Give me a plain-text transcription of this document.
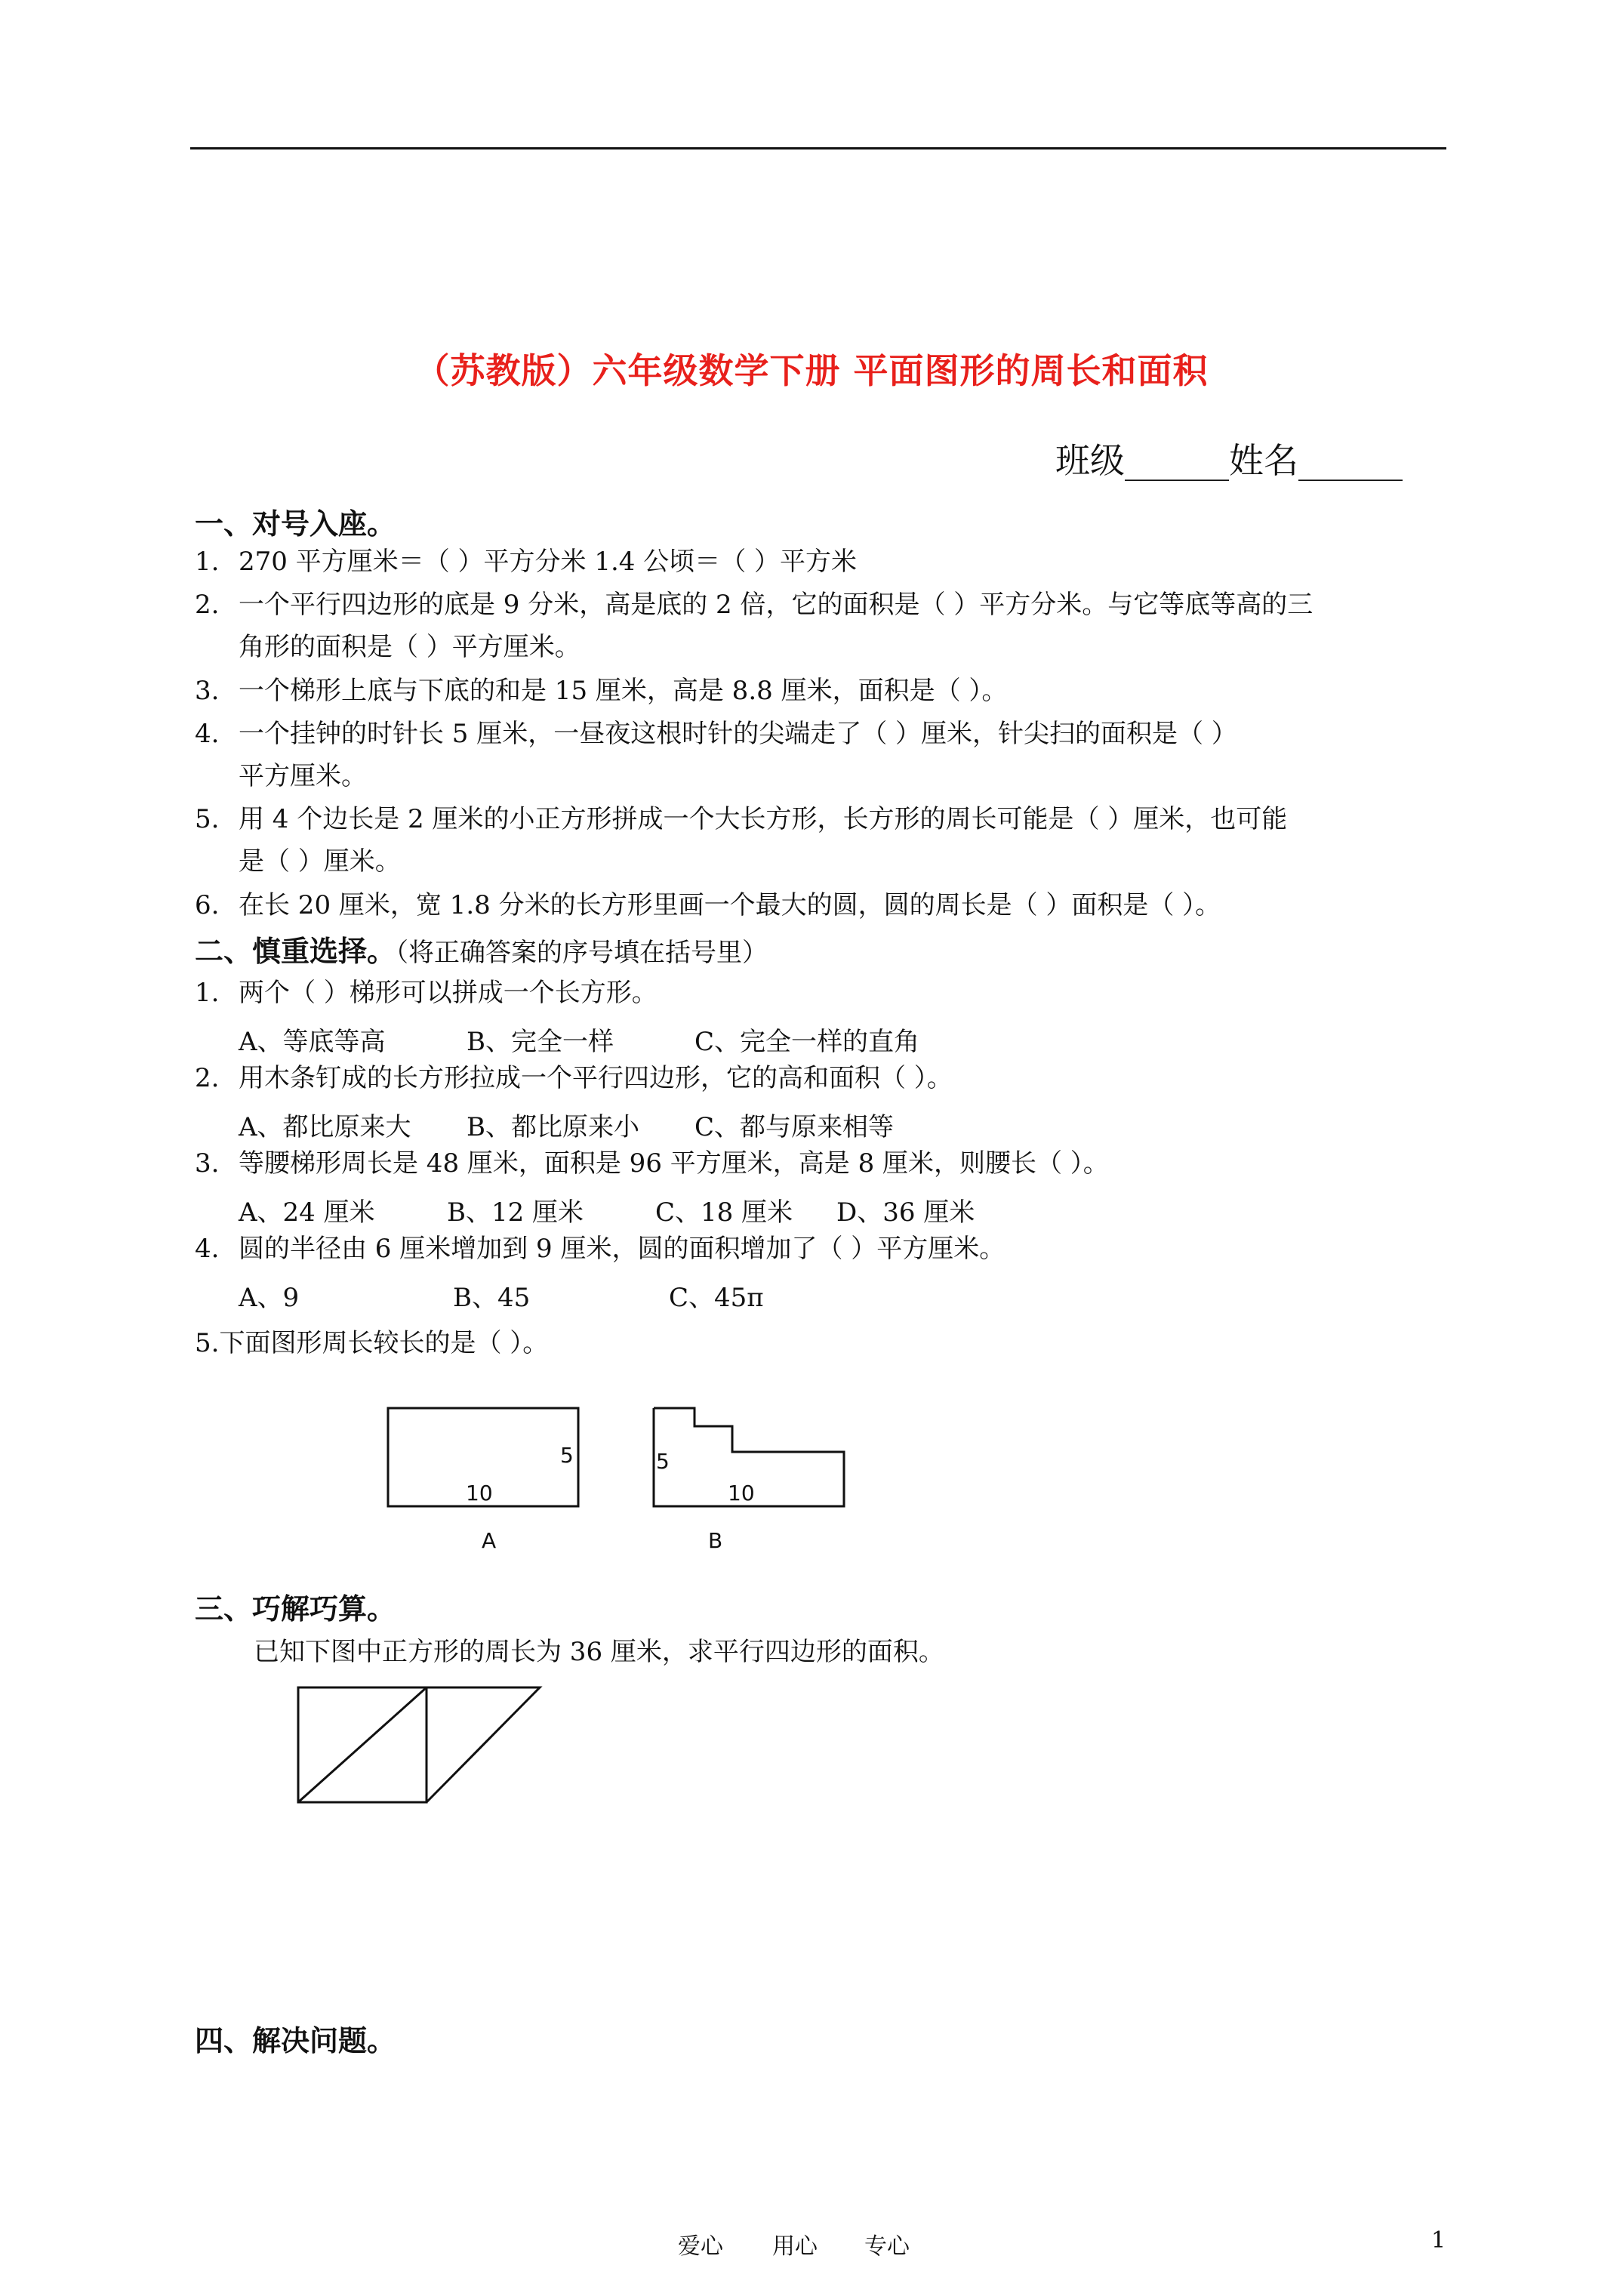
（苏教版）六年级数学下册 平面图形的周长和面积
班级______姓名______
一、对号入座。
1. 270 平方厘米＝（ ）平方分米 1.4 公顷＝（ ）平方米
2. 一个平行四边形的底是 9 分米，高是底的 2 倍，它的面积是（ ）平方分米。与它等底等高的三
角形的面积是（ ）平方厘米。
3. 一个梯形上底与下底的和是 15 厘米，高是 8.8 厘米，面积是（ ）。
4. 一个挂钟的时针长 5 厘米，一昼夜这根时针的尖端走了（ ）厘米，针尖扫的面积是（ ）
平方厘米。
5. 用 4 个边长是 2 厘米的小正方形拼成一个大长方形，长方形的周长可能是（ ）厘米，也可能
是（ ）厘米。
6. 在长 20 厘米，宽 1.8 分米的长方形里画一个最大的圆，圆的周长是（ ）面积是（ ）。
二、慎重选择。（将正确答案的序号填在括号里）
1. 两个（ ）梯形可以拼成一个长方形。
A、等底等高	B、完全一样	C、完全一样的直角
2. 用木条钉成的长方形拉成一个平行四边形，它的高和面积（ ）。
A、都比原来大 B、都比原来小 C、都与原来相等
3. 等腰梯形周长是 48 厘米，面积是 96 平方厘米，高是 8 厘米，则腰长（ ）。
A、24 厘米	B、12 厘米	C、18 厘米 D、36 厘米
4. 圆的半径由 6 厘米增加到 9 厘米，圆的面积增加了（ ）平方厘米。
A、9	B、45	C、45π
5.下面图形周长较长的是（ ）。
10
5
A
5
10
B
三、巧解巧算。
已知下图中正方形的周长为 36 厘米，求平行四边形的面积。
四、解决问题。
爱心 用心 专心	1
